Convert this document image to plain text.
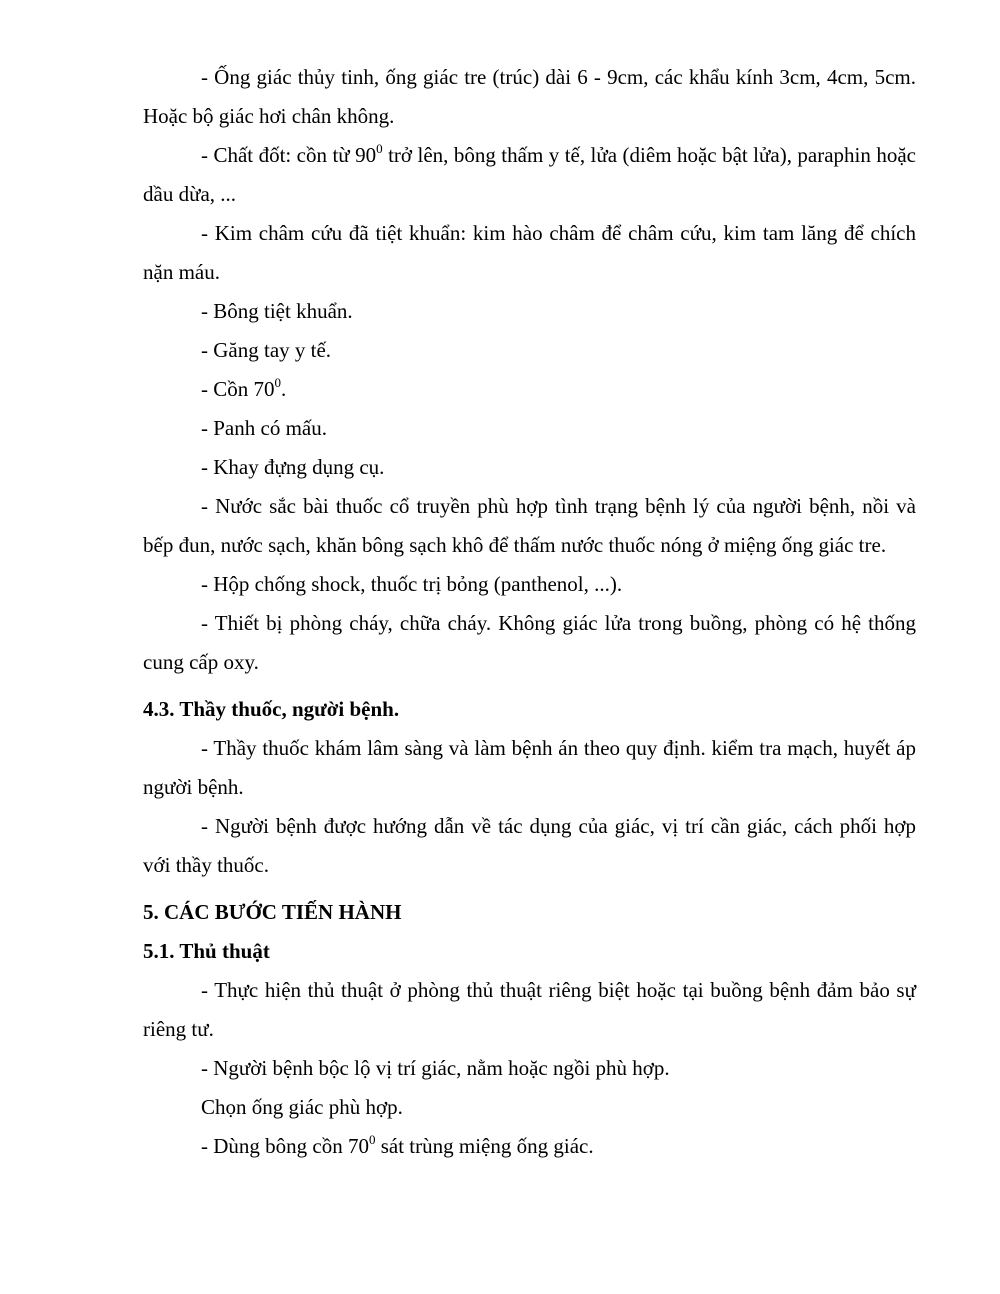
- Ống giác thủy tinh, ống giác tre (trúc) dài 6 - 9cm, các khẩu kính 3cm, 4cm, 5cm. Hoặc bộ giác hơi chân không.

- Chất đốt: cồn từ $90^0$ trở lên, bông thấm y tế, lửa (diêm hoặc bật lửa), paraphin hoặc dầu dừa, ...

- Kim châm cứu đã tiệt khuẩn: kim hào châm để châm cứu, kim tam lăng để chích nặn máu.

- Bông tiệt khuẩn.

- Găng tay y tế.

- Cồn $70^0$.

- Panh có mấu.

- Khay đựng dụng cụ.

- Nước sắc bài thuốc cổ truyền phù hợp tình trạng bệnh lý của người bệnh, nồi và bếp đun, nước sạch, khăn bông sạch khô để thấm nước thuốc nóng ở miệng ống giác tre.

- Hộp chống shock, thuốc trị bỏng (panthenol, ...).

- Thiết bị phòng cháy, chữa cháy. Không giác lửa trong buồng, phòng có hệ thống cung cấp oxy.

4.3. Thầy thuốc, người bệnh.

- Thầy thuốc khám lâm sàng và làm bệnh án theo quy định. kiểm tra mạch, huyết áp người bệnh.

- Người bệnh được hướng dẫn về tác dụng của giác, vị trí cần giác, cách phối hợp với thầy thuốc.

5. CÁC BƯỚC TIẾN HÀNH

5.1. Thủ thuật

- Thực hiện thủ thuật ở phòng thủ thuật riêng biệt hoặc tại buồng bệnh đảm bảo sự riêng tư.

- Người bệnh bộc lộ vị trí giác, nằm hoặc ngồi phù hợp.

Chọn ống giác phù hợp.

- Dùng bông cồn $70^0$ sát trùng miệng ống giác.
